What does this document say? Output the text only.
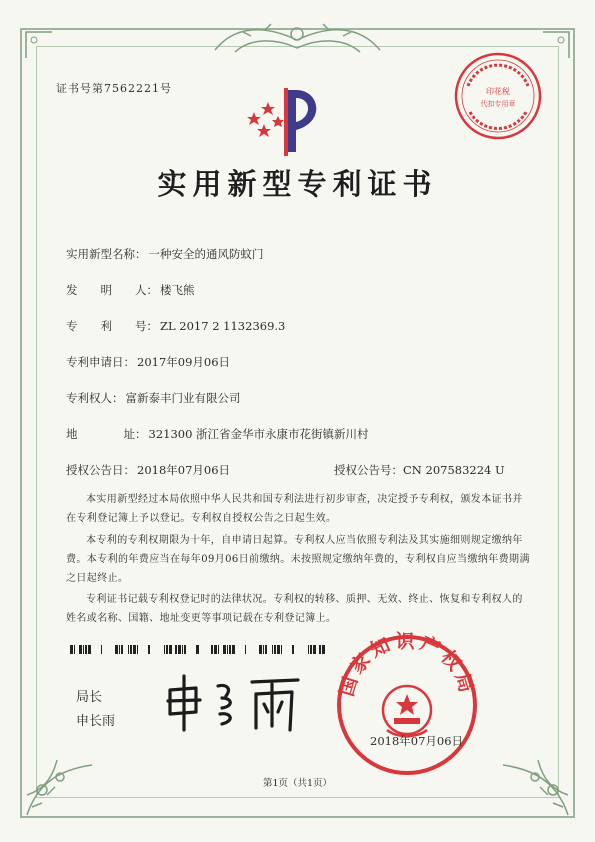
证书号第7562221号	印花税
代扣专用章
实用新型专利证书
实用新型名称： 一种安全的通风防蚊门
发　　明　　人： 楼飞熊
专　　利　　号： ZL 2017 2 1132369.3
专利申请日： 2017年09月06日
专利权人： 富新泰丰门业有限公司
地　　　　址： 321300 浙江省金华市永康市花街镇新川村
授权公告日： 2018年07月06日	授权公告号：CN 207583224 U
本实用新型经过本局依照中华人民共和国专利法进行初步审查，决定授予专利权，颁发本证书并在专利登记簿上予以登记。专利权自授权公告之日起生效。
本专利的专利权期限为十年，自申请日起算。专利权人应当依照专利法及其实施细则规定缴纳年费。本专利的年费应当在每年09月06日前缴纳。未按照规定缴纳年费的，专利权自应当缴纳年费期满之日起终止。
专利证书记载专利权登记时的法律状况。专利权的转移、质押、无效、终止、恢复和专利权人的姓名或名称、国籍、地址变更等事项记载在专利登记簿上。
局长
申长雨
国家知识产权局
2018年07月06日
第1页（共1页）
